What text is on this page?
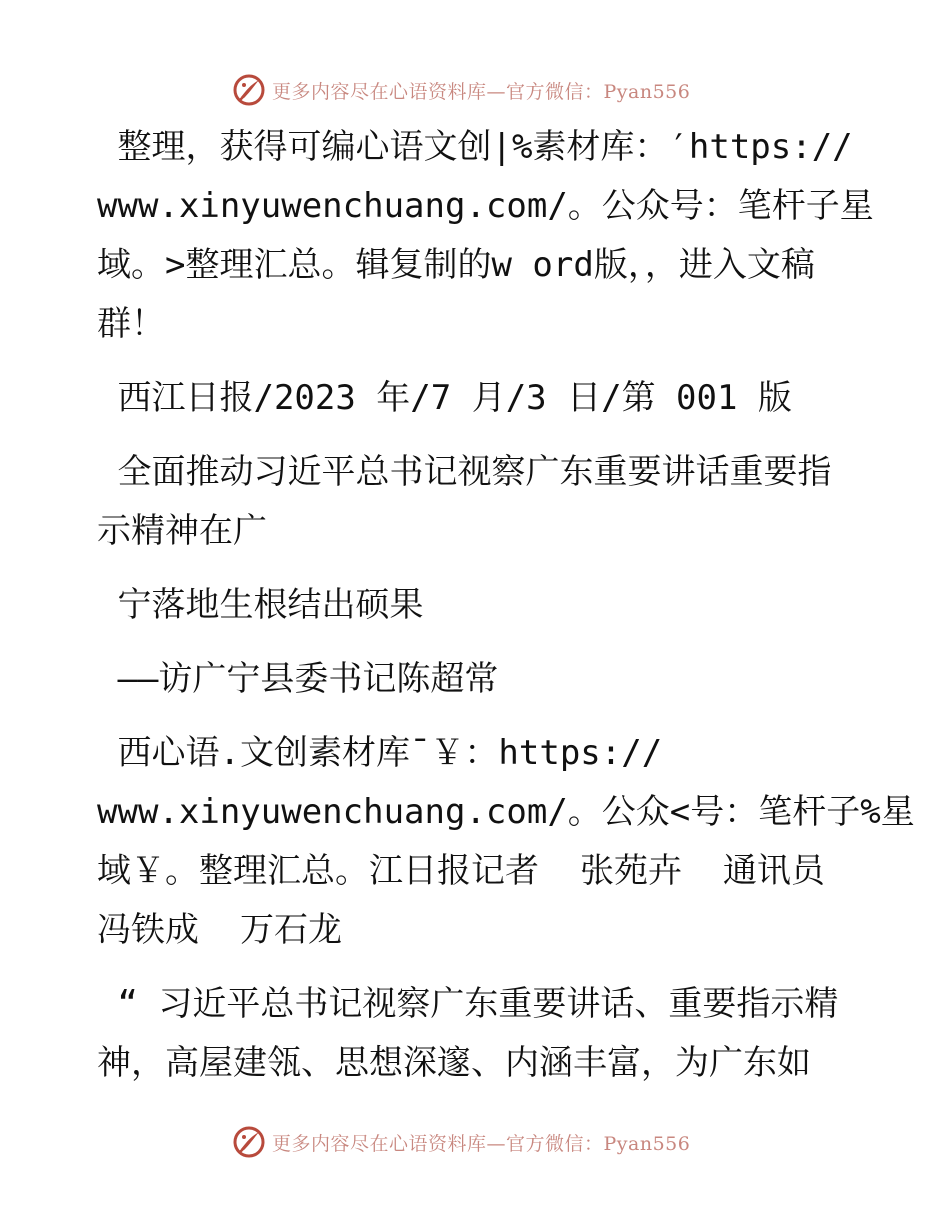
更多内容尽在心语资料库—官方微信：Pyan556
整理，获得可编心语文创|%素材库：′https://
www.xinyuwenchuang.com/。公众号：笔杆子星
域。>整理汇总。辑复制的w ord版，，进入文稿
群！
西江日报/2023 年/7 月/3 日/第 001 版
全面推动习近平总书记视察广东重要讲话重要指
示精神在广
宁落地生根结出硕果
——访广宁县委书记陈超常
西心语.文创素材库¯￥：https://
www.xinyuwenchuang.com/。公众<号：笔杆子%星
域￥。整理汇总。江日报记者  张苑卉  通讯员
冯铁成  万石龙
“ 习近平总书记视察广东重要讲话、重要指示精
神，高屋建瓴、思想深邃、内涵丰富，为广东如
更多内容尽在心语资料库—官方微信：Pyan556
